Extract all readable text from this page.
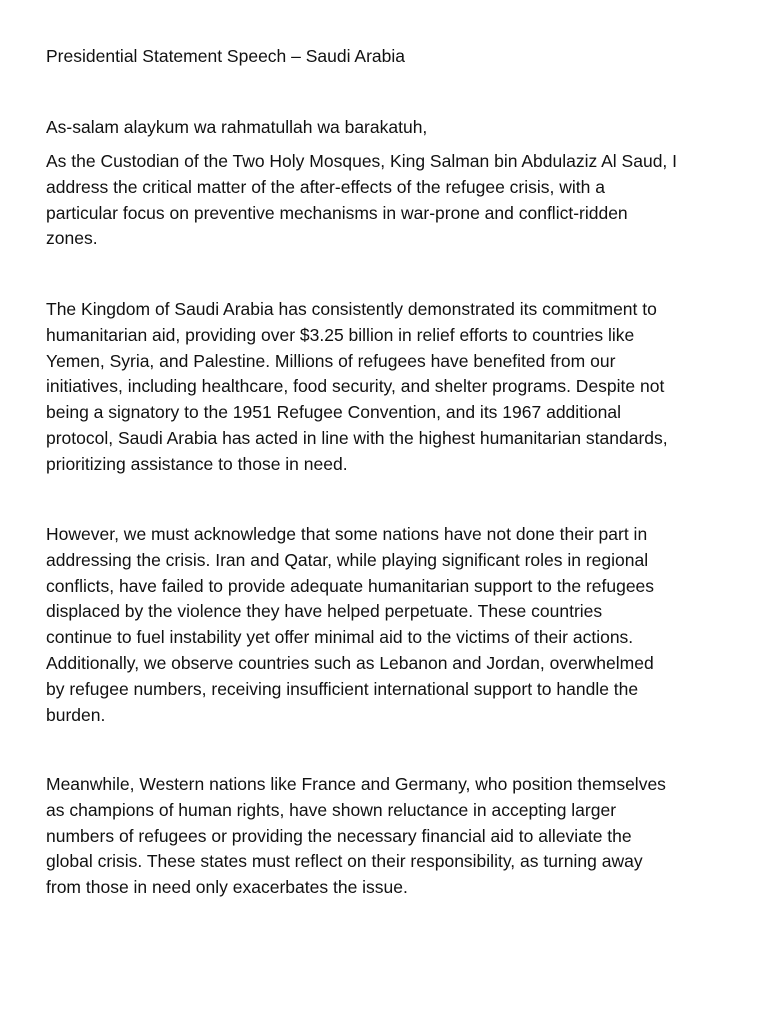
Presidential Statement Speech – Saudi Arabia
As-salam alaykum wa rahmatullah wa barakatuh,

As the Custodian of the Two Holy Mosques, King Salman bin Abdulaziz Al Saud, I
address the critical matter of the after-effects of the refugee crisis, with a
particular focus on preventive mechanisms in war-prone and conflict-ridden
zones.

The Kingdom of Saudi Arabia has consistently demonstrated its commitment to
humanitarian aid, providing over $3.25 billion in relief efforts to countries like
Yemen, Syria, and Palestine. Millions of refugees have benefited from our
initiatives, including healthcare, food security, and shelter programs. Despite not
being a signatory to the 1951 Refugee Convention, and its 1967 additional
protocol, Saudi Arabia has acted in line with the highest humanitarian standards,
prioritizing assistance to those in need.

However, we must acknowledge that some nations have not done their part in
addressing the crisis. Iran and Qatar, while playing significant roles in regional
conflicts, have failed to provide adequate humanitarian support to the refugees
displaced by the violence they have helped perpetuate. These countries
continue to fuel instability yet offer minimal aid to the victims of their actions.
Additionally, we observe countries such as Lebanon and Jordan, overwhelmed
by refugee numbers, receiving insufficient international support to handle the
burden.

Meanwhile, Western nations like France and Germany, who position themselves
as champions of human rights, have shown reluctance in accepting larger
numbers of refugees or providing the necessary financial aid to alleviate the
global crisis. These states must reflect on their responsibility, as turning away
from those in need only exacerbates the issue.
